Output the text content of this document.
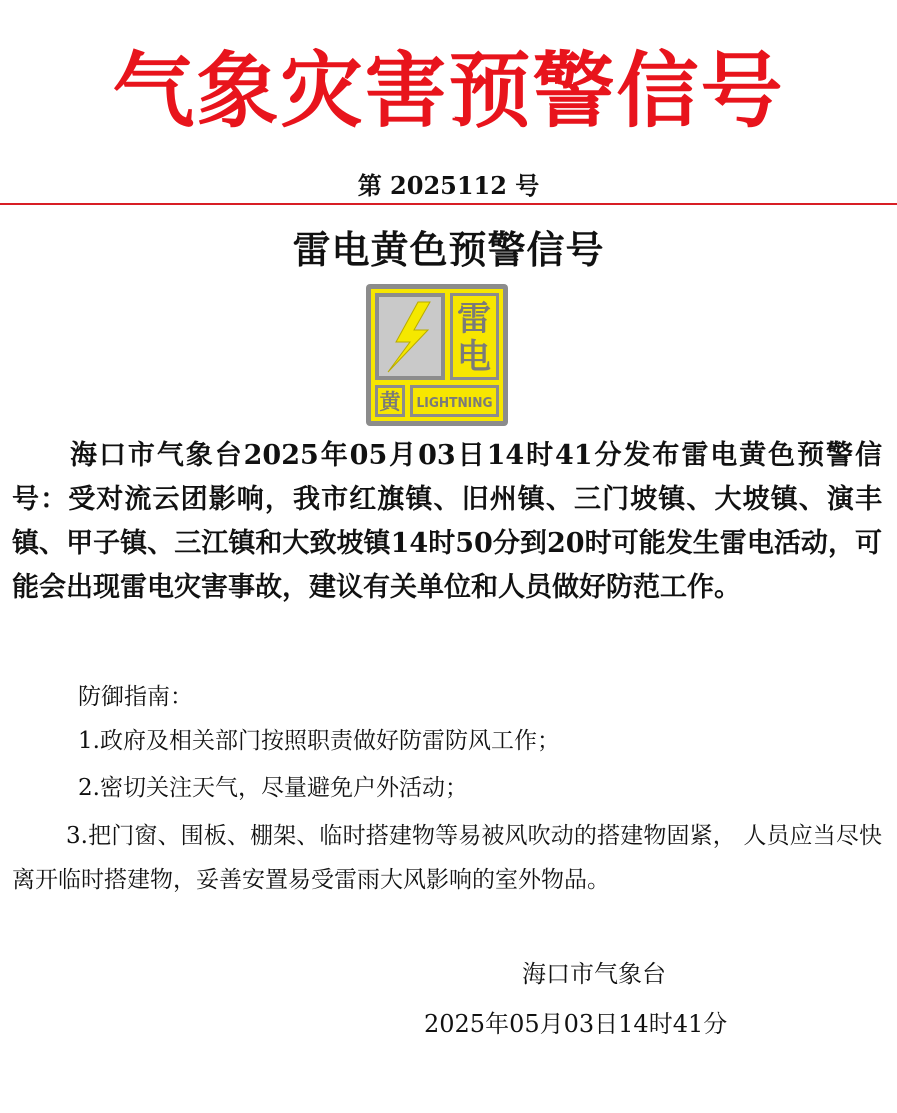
气象灾害预警信号
第 2025112 号
雷电黄色预警信号
雷
电
黄 LIGHTNING
海口市气象台2025年05月03日14时41分发布雷电黄色预警信号：受对流云团影响，我市红旗镇、旧州镇、三门坡镇、大坡镇、演丰镇、甲子镇、三江镇和大致坡镇14时50分到20时可能发生雷电活动，可能会出现雷电灾害事故，建议有关单位和人员做好防范工作。
防御指南：
1.政府及相关部门按照职责做好防雷防风工作；
2.密切关注天气，尽量避免户外活动；
3.把门窗、围板、棚架、临时搭建物等易被风吹动的搭建物固紧， 人员应当尽快离开临时搭建物，妥善安置易受雷雨大风影响的室外物品。
海口市气象台
2025年05月03日14时41分
